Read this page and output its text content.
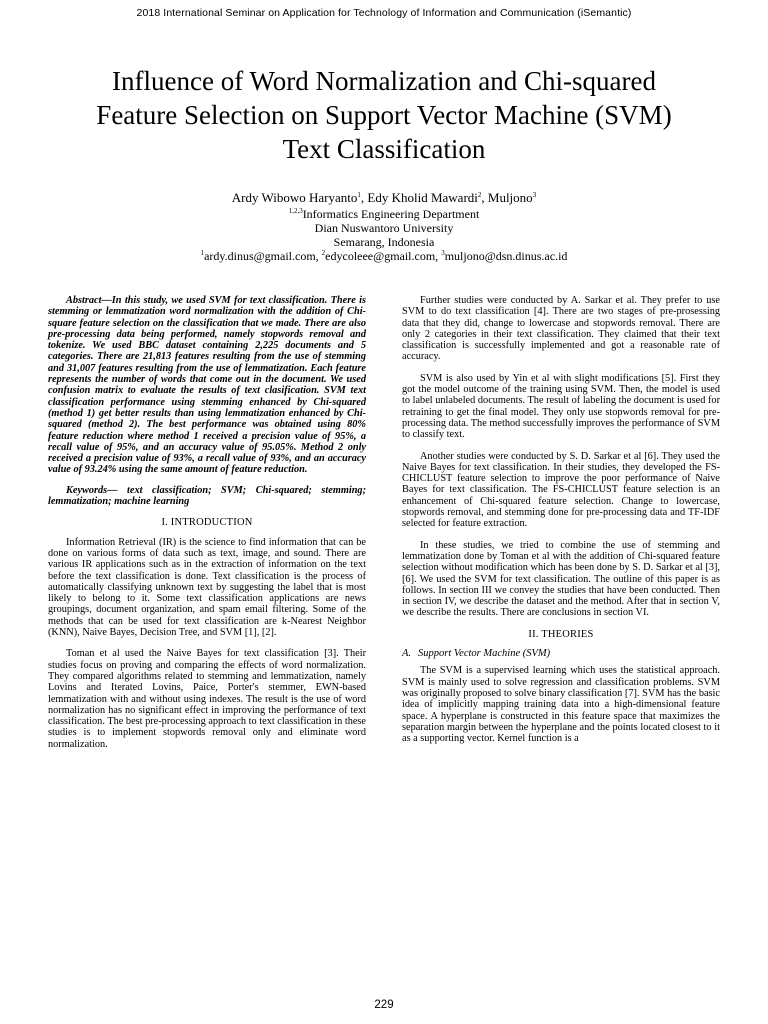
2018 International Seminar on Application for Technology of Information and Communication (iSemantic)
Influence of Word Normalization and Chi-squared
Feature Selection on Support Vector Machine (SVM)
Text Classification
Ardy Wibowo Haryanto$^1$, Edy Kholid Mawardi$^2$, Muljono$^3$
$^{1,2,3}$Informatics Engineering Department
Dian Nuswantoro University
Semarang, Indonesia
$^1$ardy.dinus@gmail.com, $^2$edycoleee@gmail.com, $^3$muljono@dsn.dinus.ac.id

Abstract—In this study, we used SVM for text classification. There is stemming or lemmatization word normalization with the addition of Chi-square feature selection on the classification that we made. There are also pre-processing data being performed, namely stopwords removal and tokenize. We used BBC dataset containing 2,225 documents and 5 categories. There are 21,813 features resulting from the use of stemming and 31,007 features resulting from the use of lemmatization. Each feature represents the number of words that come out in the document. We used confusion matrix to evaluate the results of text clasification. SVM text classification performance using stemming enhanced by Chi-squared (method 1) get better results than using lemmatization enhanced by Chi-squared (method 2). The best performance was obtained using 80% feature reduction where method 1 received a precision value of 95%, a recall value of 95%, and an accuracy value of 95.05%. Method 2 only received a precision value of 93%, a recall value of 93%, and an accuracy value of 93.24% using the same amount of feature reduction.

Keywords— text classification; SVM; Chi-squared; stemming; lemmatization; machine learning

I. INTRODUCTION

Information Retrieval (IR) is the science to find information that can be done on various forms of data such as text, image, and sound. There are various IR applications such as in the extraction of information on the text before the text classification is done. Text classification is the process of automatically classifying unknown text by suggesting the label that is most likely to belong to it. Some text classification applications are news groupings, document organization, and spam email filtering. Some of the methods that can be used for text classification are k-Nearest Neighbor (KNN), Naive Bayes, Decision Tree, and SVM [1], [2].

Toman et al used the Naive Bayes for text classification [3]. Their studies focus on proving and comparing the effects of word normalization. They compared algorithms related to stemming and lemmatization, namely Lovins and Iterated Lovins, Paice, Porter's stemmer, EWN-based lemmatization with and without using indexes. The result is the use of word normalization has no significant effect in improving the performance of text classification. The best pre-processing approach to text classification in these studies is to implement stopwords removal only and eliminate word normalization.

Further studies were conducted by A. Sarkar et al. They prefer to use SVM to do text classification [4]. There are two stages of pre-prosessing data that they did, change to lowercase and stopwords removal. There are only 2 categories in their text classification. They claimed that their text classification is successfully implemented and got a reasonable rate of accuracy.

SVM is also used by Yin et al with slight modifications [5]. First they got the model outcome of the training using SVM. Then, the model is used to label unlabeled documents. The result of labeling the document is used for retraining to get the final model. They only use stopwords removal for pre-processing data. The method successfully improves the performance of SVM to classify text.

Another studies were conducted by S. D. Sarkar et al [6]. They used the Naive Bayes for text classification. In their studies, they developed the FS-CHICLUST feature selection to improve the poor performance of Naive Bayes for text classification. The FS-CHICLUST feature selection is an enhancement of Chi-squared feature selection. Change to lowercase, stopwords removal, and stemming done for pre-processing data and TF-IDF selected for feature extraction.

In these studies, we tried to combine the use of stemming and lemmatization done by Toman et al with the addition of Chi-squared feature selection without modification which has been done by S. D. Sarkar et al [3], [6]. We used the SVM for text classification. The outline of this paper is as follows. In section III we convey the studies that have been conducted. Then in section IV, we describe the dataset and the method. After that in section V, we describe the results. There are conclusions in section VI.

II. THEORIES
A. Support Vector Machine (SVM)

The SVM is a supervised learning which uses the statistical approach. SVM is mainly used to solve regression and classification problems. SVM was originally proposed to solve binary classification [7]. SVM has the basic idea of implicitly mapping training data into a high-dimensional feature space. A hyperplane is constructed in this feature space that maximizes the separation margin between the hyperplane and the points located closest to it as a supporting vector. Kernel function is a

229
